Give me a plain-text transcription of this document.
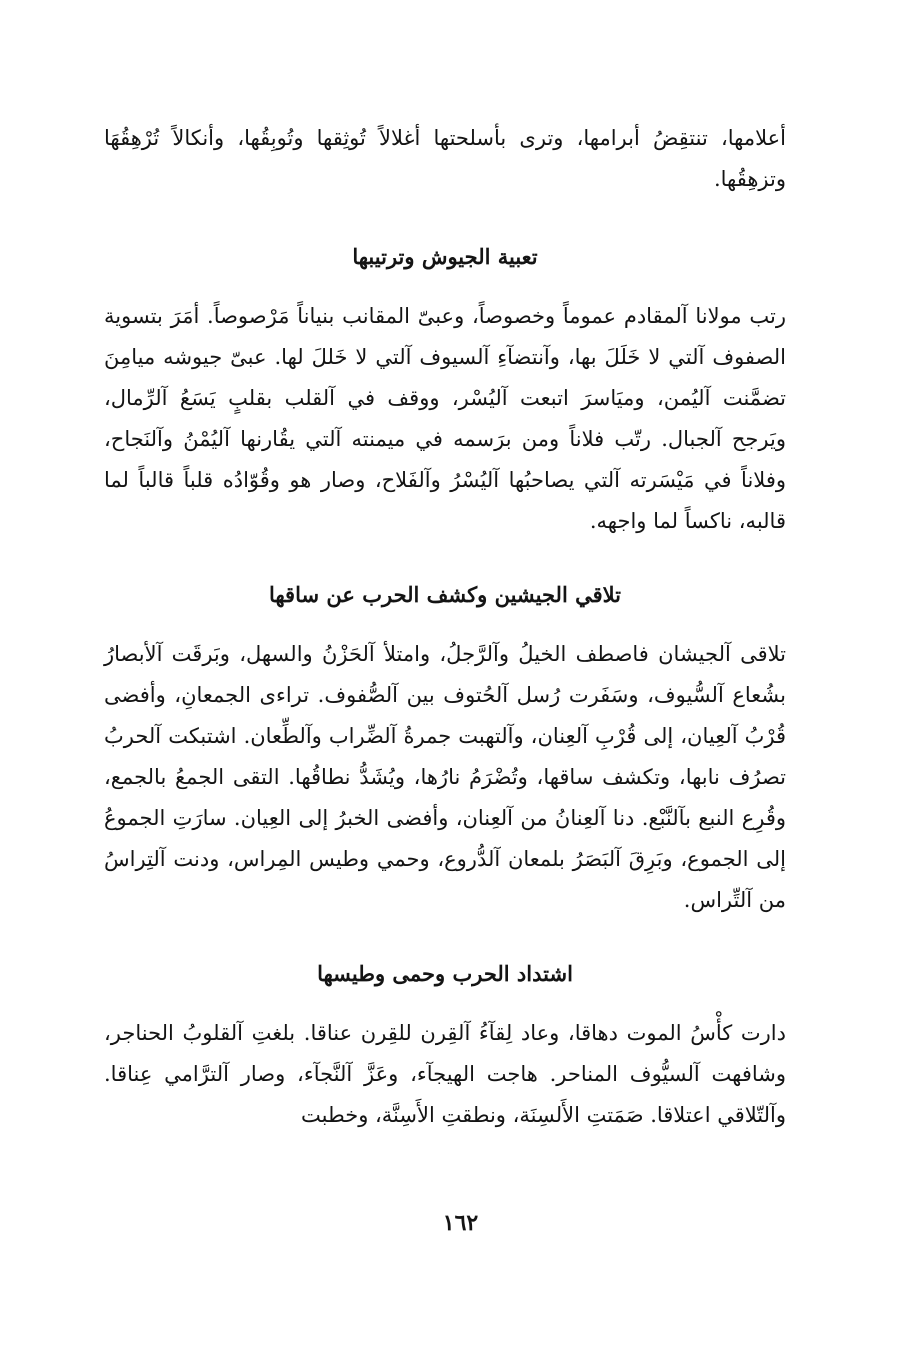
أعلامها، تنتقِضُ أبرامها، وترى بأسلحتها أغلالاً تُوثِقها وتُوبِقُها، وأنكالاً تُرْهِقُهَا وتزهِقُها.

تعبية الجيوش وترتيبها

رتب مولانا آلمقادم عموماً وخصوصاً، وعبىّ المقانب بنياناً مَرْصوصاً. أمَرَ بتسوية الصفوف آلتي لا خَلَلَ بها، وآنتضآءِ آلسيوف آلتي لا خَللَ لها. عبىّ جيوشه ميامِنَ تضمَّنت آليُمن، وميَاسرَ اتبعت آليُسْر، ووقف في آلقلب بقلبٍ يَسَعُ آلرِّمال، ويَرجح آلجبال. رتّب فلاناً ومن برَسمه في ميمنته آلتي يقُارنها آليُمْنُ وآلنَجاح، وفلاناً في مَيْسَرته آلتي يصاحبُها آليُسْرُ وآلفَلاح، وصار هو وقُوّادُه قلباً قالباً لما قالبه، ناكساً لما واجهه.

تلاقي الجيشين وكشف الحرب عن ساقها

تلاقى آلجيشان فاصطف الخيلُ وآلرَّجلُ، وامتلأ آلحَزْنُ والسهل، وبَرقَت آلأبصارُ بشُعاع آلسُّيوف، وسَفَرت رُسل آلحُتوف بين آلصُّفوف. تراءى الجمعانِ، وأفضى قُرْبُ آلعِيان، إلى قُرْبِ آلعِنان، وآلتهبت جمرةُ آلضِّراب وآلطِّعان. اشتبكت آلحربُ تصرُف نابها، وتكشف ساقها، وتُضْرَمُ نارُها، ويُشَدُّ نطاقُها. التقى الجمعُ بالجمع، وقُرِع النبع بآلنَّبْع. دنا آلعِنانُ من آلعِنان، وأفضى الخبرُ إلى العِيان. سارَتِ الجموعُ إلى الجموع، وبَرِقَ آلبَصَرُ بلمعان آلدُّروع، وحمي وطيس المِراس، ودنت آلتِراسُ من آلتِّراس.

اشتداد الحرب وحمى وطيسها

دارت كأْسُ الموت دهاقا، وعاد لِقآءُ آلقِرن للقِرن عناقا. بلغتِ آلقلوبُ الحناجر، وشافهت آلسيُّوف المناحر. هاجت الهيجآء، وعَزَّ آلنَّجآء، وصار آلترَّامي عِناقا. وآلتّلاقي اعتلاقا. صَمَتتِ الأَلسِنَة، ونطقتِ الأَسِنَّة، وخطبت

١٦٢
